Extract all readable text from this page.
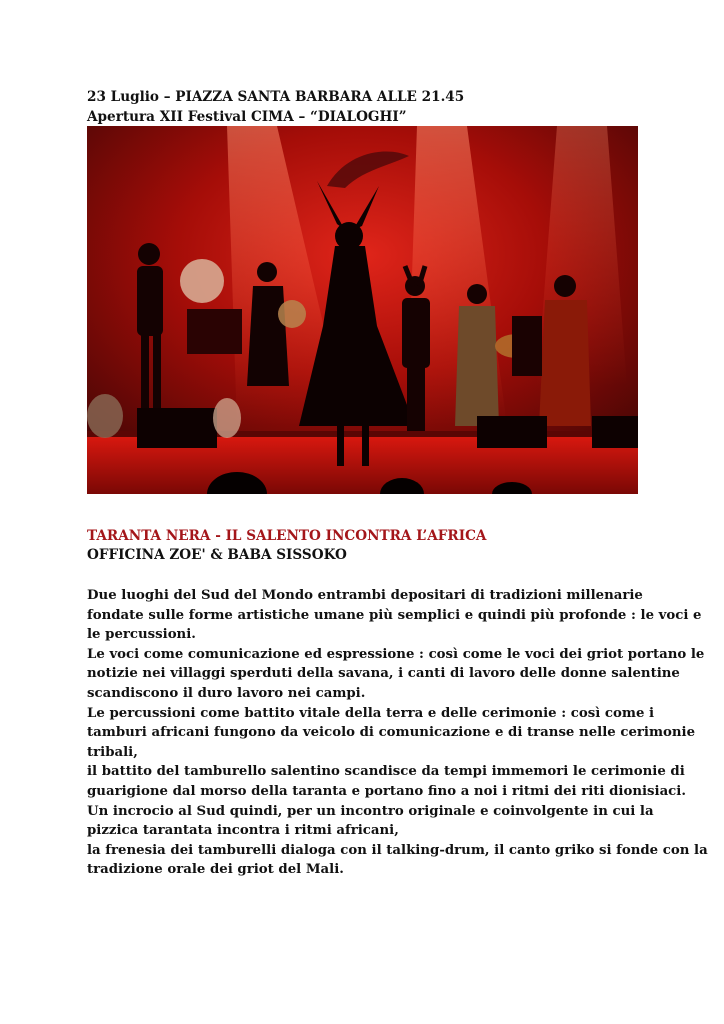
23 Luglio – PIAZZA SANTA BARBARA ALLE 21.45
Apertura XII Festival CIMA – “DIALOGHI”
TARANTA NERA - IL SALENTO INCONTRA L’AFRICA
OFFICINA ZOE' & BABA SISSOKO
Due luoghi del Sud del Mondo entrambi depositari di tradizioni millenarie
fondate sulle forme artistiche umane più semplici e quindi più profonde : le voci e
le percussioni.
Le voci come comunicazione ed espressione : così come le voci dei griot portano le
notizie nei villaggi sperduti della savana, i canti di lavoro delle donne salentine
scandiscono il duro lavoro nei campi.
Le percussioni come battito vitale della terra e delle cerimonie : così come i
tamburi africani fungono da veicolo di comunicazione e di transe nelle cerimonie
tribali,
il battito del tamburello salentino scandisce da tempi immemori le cerimonie di
guarigione dal morso della taranta e portano fino a noi i ritmi dei riti dionisiaci.
Un incrocio al Sud quindi, per un incontro originale e coinvolgente in cui la
pizzica tarantata incontra i ritmi africani,
la frenesia dei tamburelli dialoga con il talking-drum, il canto griko si fonde con la
tradizione orale dei griot del Mali.
